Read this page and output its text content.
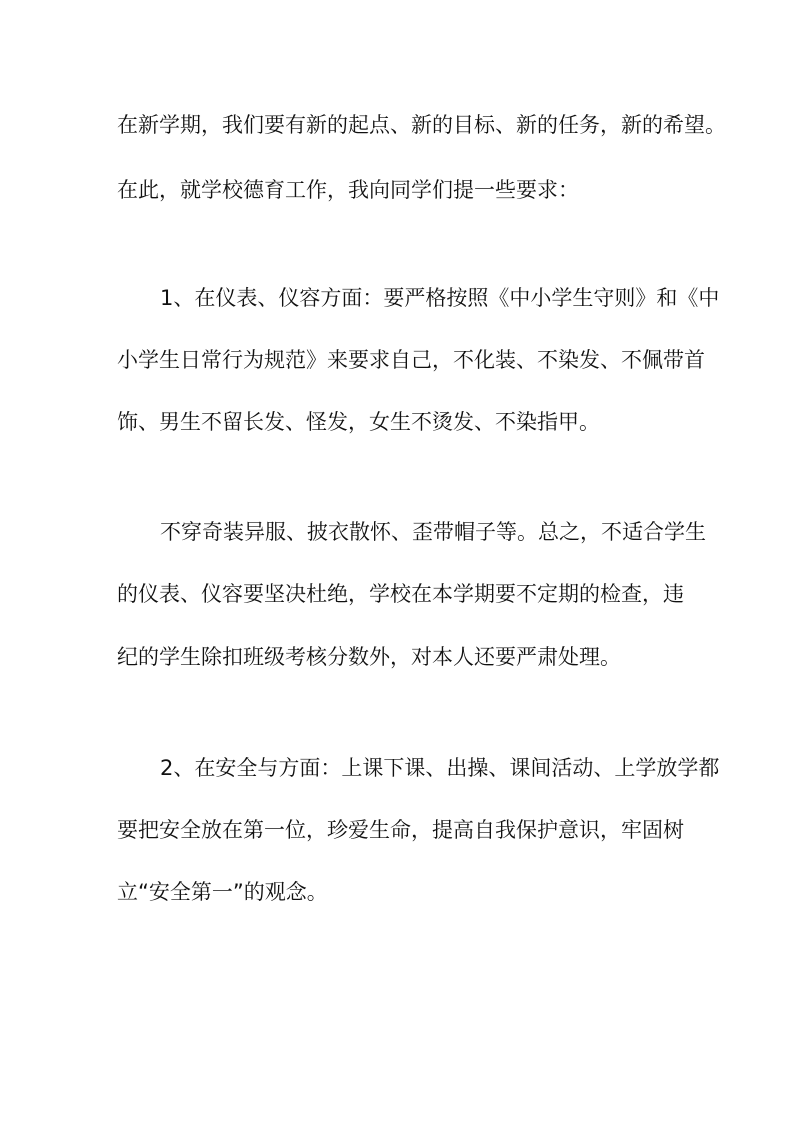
在新学期，我们要有新的起点、新的目标、新的任务，新的希望。

在此，就学校德育工作，我向同学们提一些要求：

1、在仪表、仪容方面：要严格按照《中小学生守则》和《中

小学生日常行为规范》来要求自己，不化装、不染发、不佩带首

饰、男生不留长发、怪发，女生不烫发、不染指甲。

不穿奇装异服、披衣散怀、歪带帽子等。总之，不适合学生

的仪表、仪容要坚决杜绝，学校在本学期要不定期的检查，违

纪的学生除扣班级考核分数外，对本人还要严肃处理。

2、在安全与方面：上课下课、出操、课间活动、上学放学都

要把安全放在第一位，珍爱生命，提高自我保护意识，牢固树

立“安全第一”的观念。
